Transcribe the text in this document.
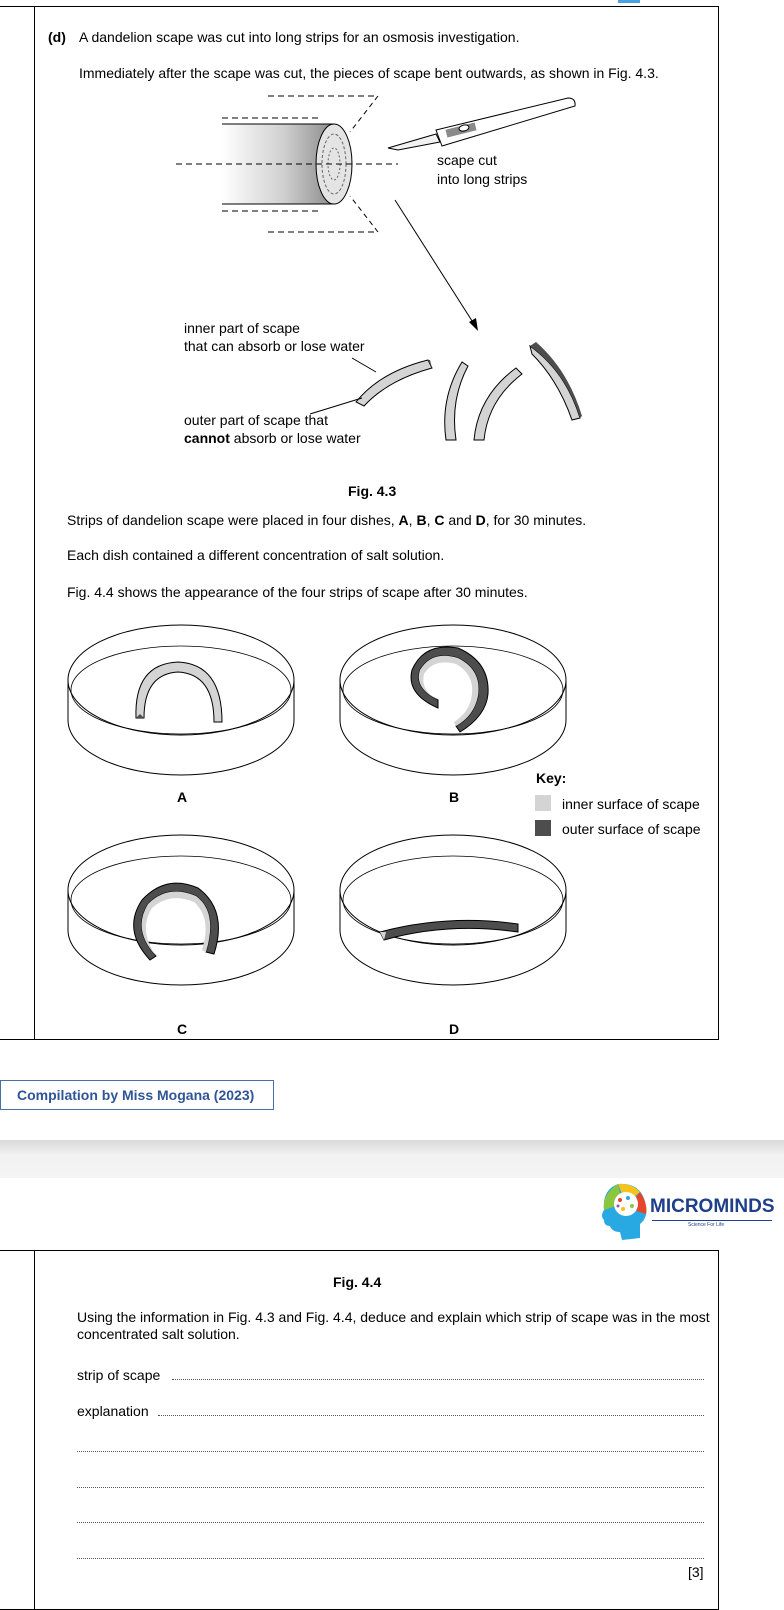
(d) A dandelion scape was cut into long strips for an osmosis investigation.
Immediately after the scape was cut, the pieces of scape bent outwards, as shown in Fig. 4.3.
scape cut
into long strips
inner part of scape
that can absorb or lose water
outer part of scape that
cannot absorb or lose water
Fig. 4.3
Strips of dandelion scape were placed in four dishes, A, B, C and D, for 30 minutes.
Each dish contained a different concentration of salt solution.
Fig. 4.4 shows the appearance of the four strips of scape after 30 minutes.
A	B
C	D
Key:
inner surface of scape
outer surface of scape
Compilation by Miss Mogana (2023)
MICROMINDS
Science For Life
Fig. 4.4
Using the information in Fig. 4.3 and Fig. 4.4, deduce and explain which strip of scape was in the most concentrated salt solution.
strip of scape
explanation
[3]
